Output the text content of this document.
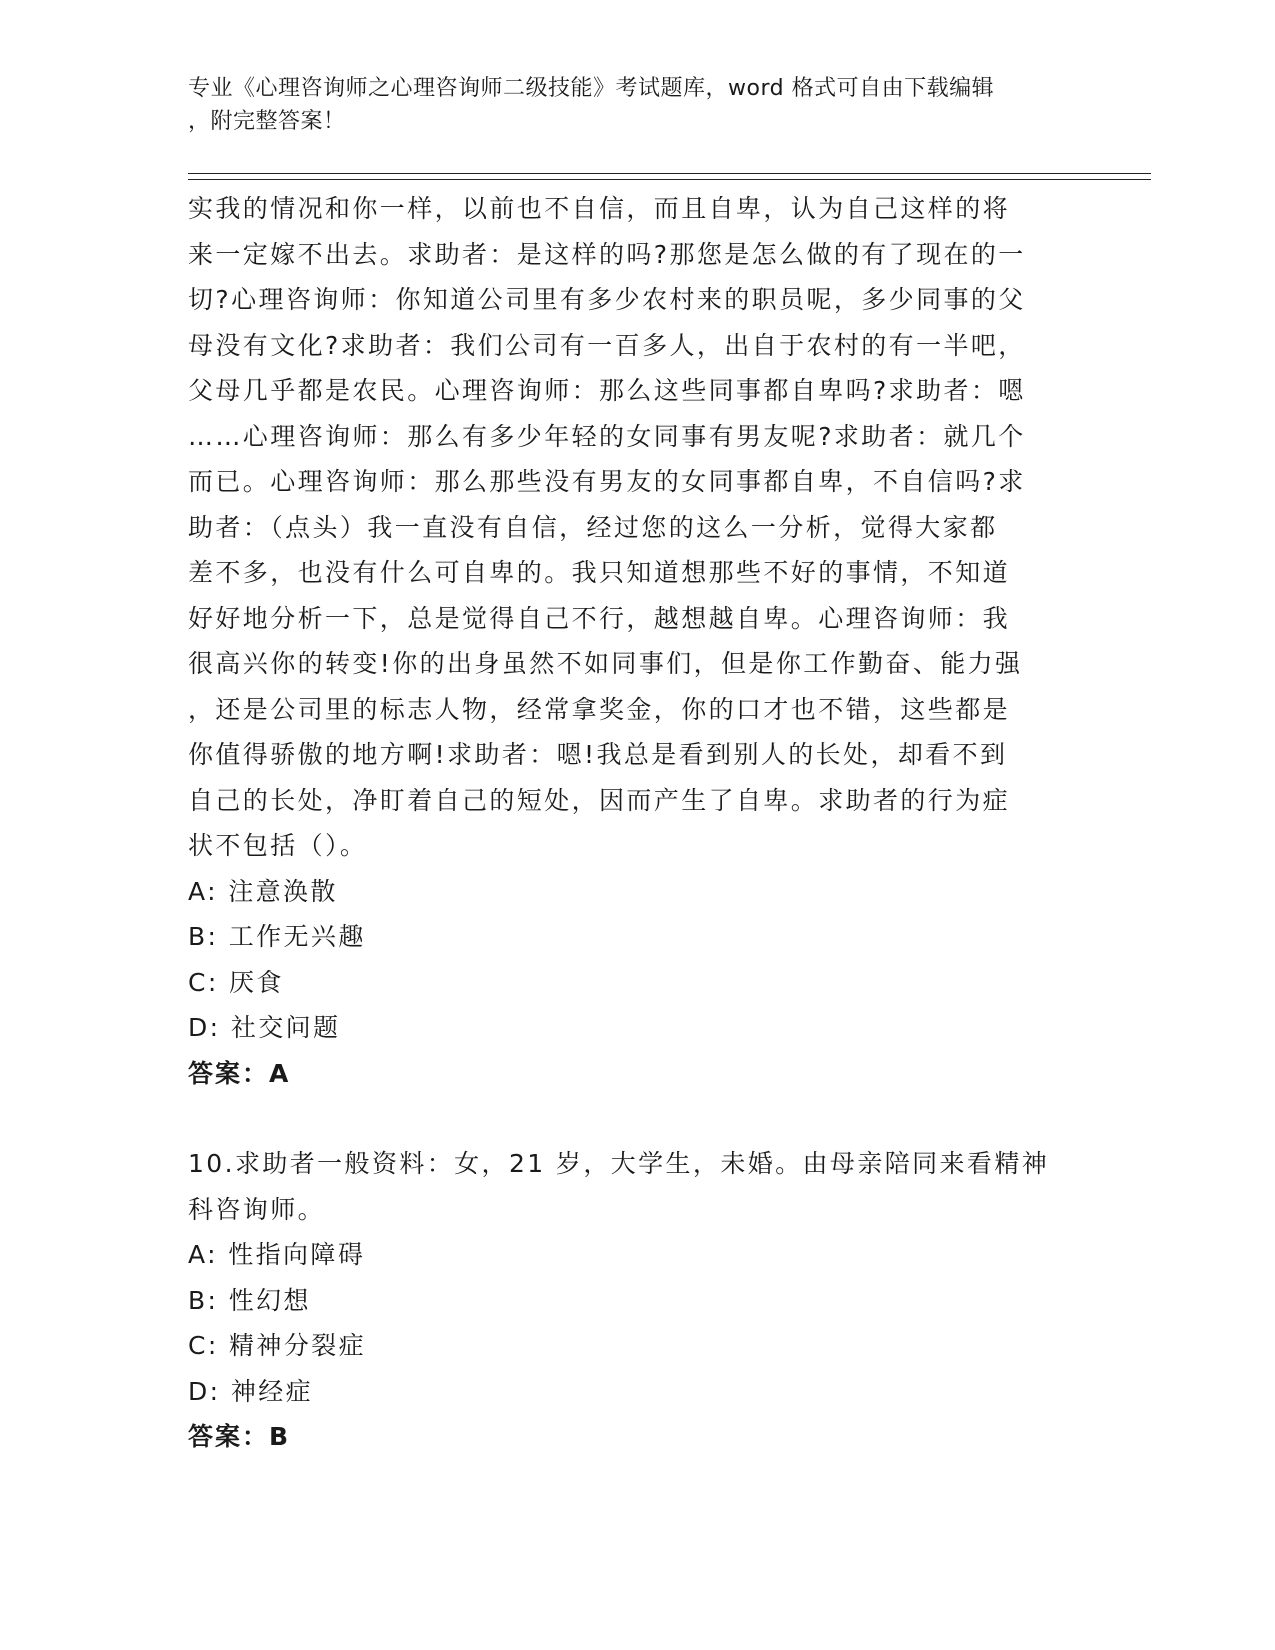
专业《心理咨询师之心理咨询师二级技能》考试题库，word 格式可自由下载编辑
，附完整答案！
实我的情况和你一样，以前也不自信，而且自卑，认为自己这样的将
来一定嫁不出去。求助者：是这样的吗?那您是怎么做的有了现在的一
切?心理咨询师：你知道公司里有多少农村来的职员呢，多少同事的父
母没有文化?求助者：我们公司有一百多人，出自于农村的有一半吧，
父母几乎都是农民。心理咨询师：那么这些同事都自卑吗?求助者：嗯
……心理咨询师：那么有多少年轻的女同事有男友呢?求助者：就几个
而已。心理咨询师：那么那些没有男友的女同事都自卑，不自信吗?求
助者：（点头）我一直没有自信，经过您的这么一分析，觉得大家都
差不多，也没有什么可自卑的。我只知道想那些不好的事情，不知道
好好地分析一下，总是觉得自己不行，越想越自卑。心理咨询师：我
很高兴你的转变!你的出身虽然不如同事们，但是你工作勤奋、能力强
，还是公司里的标志人物，经常拿奖金，你的口才也不错，这些都是
你值得骄傲的地方啊!求助者：嗯!我总是看到别人的长处，却看不到
自己的长处，净盯着自己的短处，因而产生了自卑。求助者的行为症
状不包括（）。
A: 注意涣散
B: 工作无兴趣
C: 厌食
D: 社交问题
答案：A
10.求助者一般资料：女，21 岁，大学生，未婚。由母亲陪同来看精神
科咨询师。
A: 性指向障碍
B: 性幻想
C: 精神分裂症
D: 神经症
答案：B
